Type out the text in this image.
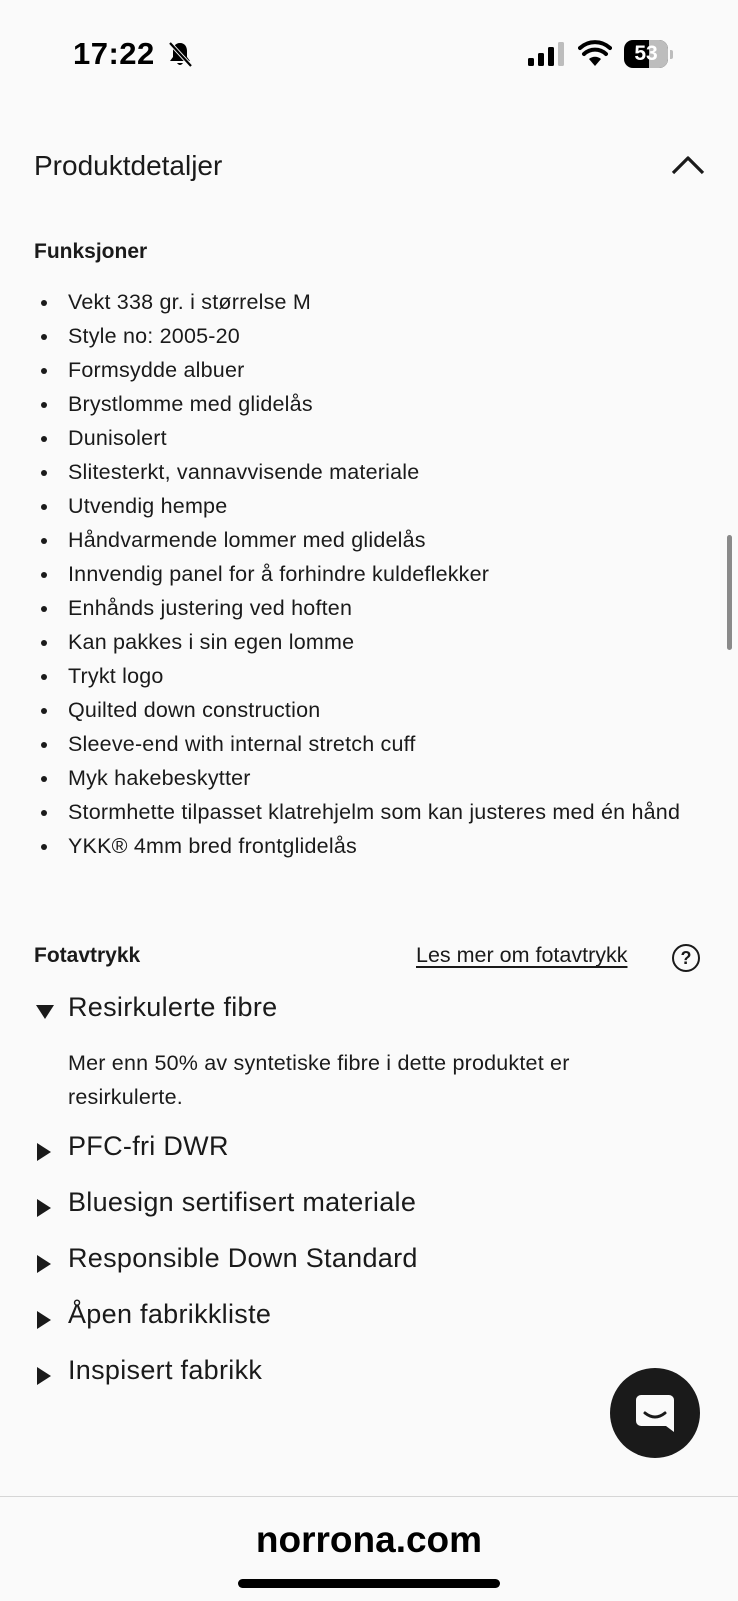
17:22	53
Produktdetaljer
Funksjoner
Vekt 338 gr. i størrelse M
Style no: 2005-20
Formsydde albuer
Brystlomme med glidelås
Dunisolert
Slitesterkt, vannavvisende materiale
Utvendig hempe
Håndvarmende lommer med glidelås
Innvendig panel for å forhindre kuldeflekker
Enhånds justering ved hoften
Kan pakkes i sin egen lomme
Trykt logo
Quilted down construction
Sleeve-end with internal stretch cuff
Myk hakebeskytter
Stormhette tilpasset klatrehjelm som kan justeres med én hånd
YKK® 4mm bred frontglidelås
Fotavtrykk	Les mer om fotavtrykk	?
Resirkulerte fibre
Mer enn 50% av syntetiske fibre i dette produktet er resirkulerte.
PFC-fri DWR
Bluesign sertifisert materiale
Responsible Down Standard
Åpen fabrikkliste
Inspisert fabrikk
norrona.com
